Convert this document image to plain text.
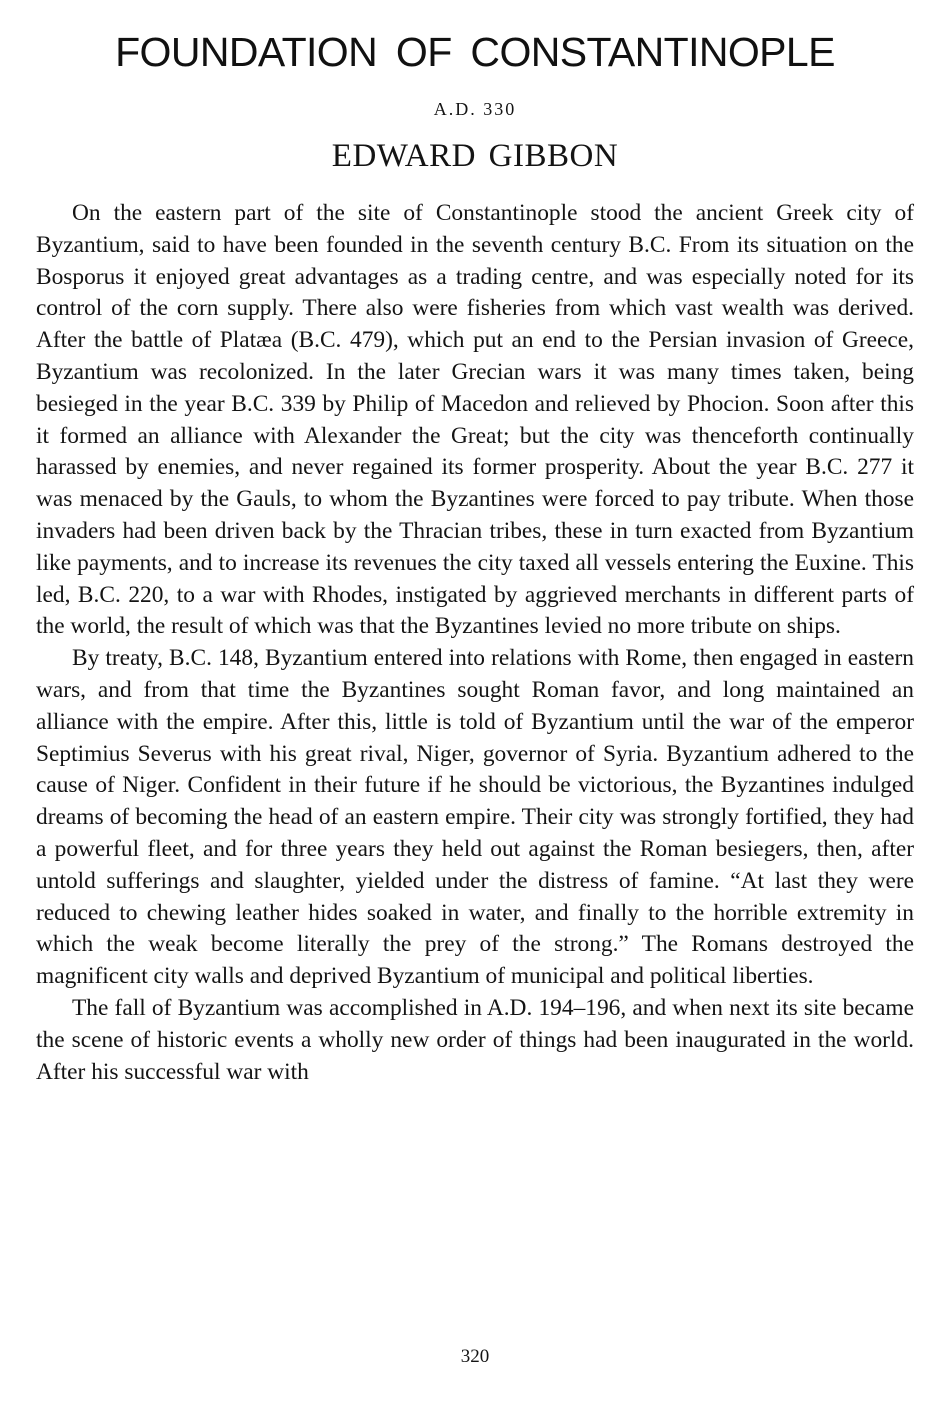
FOUNDATION OF CONSTANTINOPLE
A.D. 330
EDWARD GIBBON

On the eastern part of the site of Constantinople stood the ancient Greek city of Byzantium, said to have been founded in the seventh century B.C. From its situation on the Bosporus it enjoyed great advantages as a trading centre, and was especially noted for its control of the corn supply. There also were fisheries from which vast wealth was derived. After the battle of Platæa (B.C. 479), which put an end to the Persian invasion of Greece, Byzantium was recolonized. In the later Grecian wars it was many times taken, being besieged in the year B.C. 339 by Philip of Macedon and relieved by Phocion. Soon after this it formed an alliance with Alexander the Great; but the city was thenceforth continually harassed by enemies, and never regained its former prosperity. About the year B.C. 277 it was menaced by the Gauls, to whom the Byzantines were forced to pay tribute. When those invaders had been driven back by the Thracian tribes, these in turn exacted from Byzantium like payments, and to increase its revenues the city taxed all vessels entering the Euxine. This led, B.C. 220, to a war with Rhodes, instigated by aggrieved merchants in different parts of the world, the result of which was that the Byzantines levied no more tribute on ships.

By treaty, B.C. 148, Byzantium entered into relations with Rome, then engaged in eastern wars, and from that time the Byzantines sought Roman favor, and long maintained an alliance with the empire. After this, little is told of Byzantium until the war of the emperor Septimius Severus with his great rival, Niger, governor of Syria. Byzantium adhered to the cause of Niger. Confident in their future if he should be victorious, the Byzantines indulged dreams of becoming the head of an eastern empire. Their city was strongly fortified, they had a powerful fleet, and for three years they held out against the Roman besiegers, then, after untold sufferings and slaughter, yielded under the distress of famine. “At last they were reduced to chewing leather hides soaked in water, and finally to the horrible extremity in which the weak become literally the prey of the strong.” The Romans destroyed the magnificent city walls and deprived Byzantium of municipal and political liberties.

The fall of Byzantium was accomplished in A.D. 194–196, and when next its site became the scene of historic events a wholly new order of things had been inaugurated in the world. After his successful war with

320
